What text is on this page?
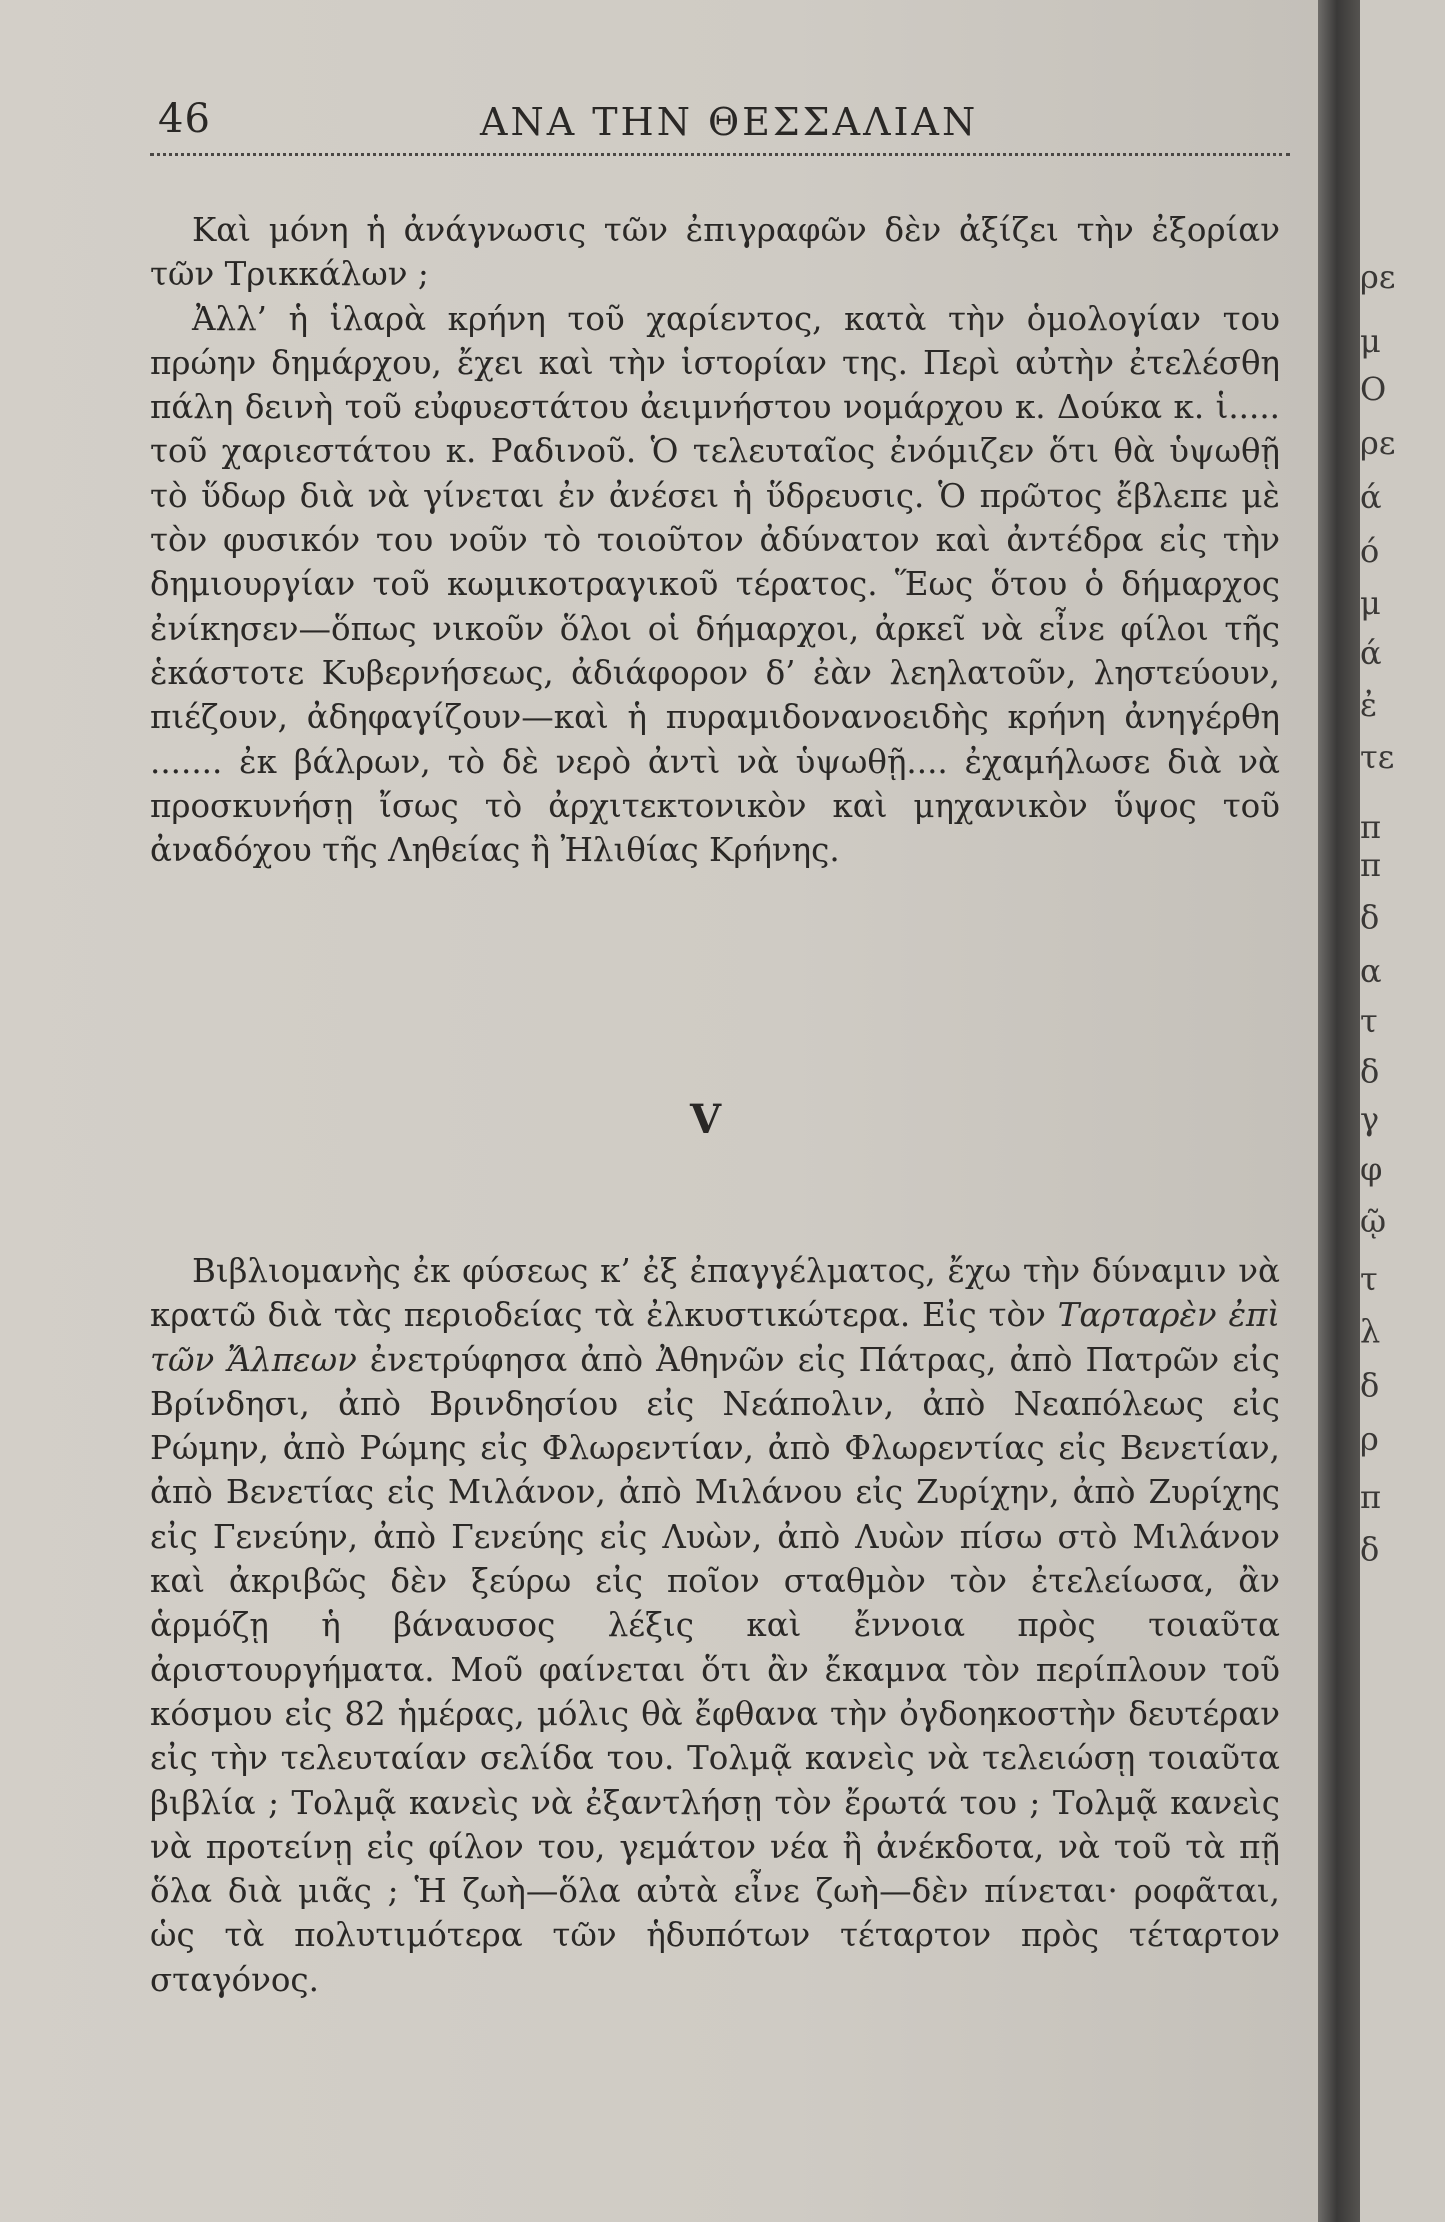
46	ΑΝΑ ΤΗΝ ΘΕΣΣΑΛΙΑΝ

Καὶ μόνη ἡ ἀνάγνωσις τῶν ἐπιγραφῶν δὲν ἀξίζει τὴν ἐξορίαν τῶν Τρικκάλων ;

Ἀλλ’ ἡ ἱλαρὰ κρήνη τοῦ χαρίεντος, κατὰ τὴν ὁμολογίαν του πρώην δημάρχου, ἔχει καὶ τὴν ἱστορίαν της. Περὶ αὐτὴν ἐτελέσθη πάλη δεινὴ τοῦ εὐφυεστάτου ἀειμνήστου νομάρχου κ. Δούκα κ. ἱ..... τοῦ χαριεστάτου κ. Ραδινοῦ. Ὁ τελευταῖος ἐνόμιζεν ὅτι θὰ ὑψωθῇ τὸ ὕδωρ διὰ νὰ γίνεται ἐν ἀνέσει ἡ ὕδρευσις. Ὁ πρῶτος ἔβλεπε μὲ τὸν φυσικόν του νοῦν τὸ τοιοῦτον ἀδύνατον καὶ ἀντέδρα εἰς τὴν δημιουργίαν τοῦ κωμικοτραγικοῦ τέρατος. Ἕως ὅτου ὁ δήμαρχος ἐνίκησεν—ὅπως νικοῦν ὅλοι οἱ δήμαρχοι, ἀρκεῖ νὰ εἶνε φίλοι τῆς ἑκάστοτε Κυβερνήσεως, ἀδιάφορον δ’ ἐὰν λεηλατοῦν, ληστεύουν, πιέζουν, ἀδηφαγίζουν—καὶ ἡ πυραμιδονανοειδὴς κρήνη ἀνηγέρθη ....... ἐκ βάλρων, τὸ δὲ νερὸ ἀντὶ νὰ ὑψωθῇ.... ἐχαμήλωσε διὰ νὰ προσκυνήσῃ ἴσως τὸ ἀρχιτεκτονικὸν καὶ μηχανικὸν ὕψος τοῦ ἀναδόχου τῆς Ληθείας ἢ Ἠλιθίας Κρήνης.

V

Βιβλιομανὴς ἐκ φύσεως κ’ ἐξ ἐπαγγέλματος, ἔχω τὴν δύναμιν νὰ κρατῶ διὰ τὰς περιοδείας τὰ ἐλκυστικώτερα. Εἰς τὸν Ταρταρὲν ἐπὶ τῶν Ἄλπεων ἐνετρύφησα ἀπὸ Ἀθηνῶν εἰς Πάτρας, ἀπὸ Πατρῶν εἰς Βρίνδησι, ἀπὸ Βρινδησίου εἰς Νεάπολιν, ἀπὸ Νεαπόλεως εἰς Ρώμην, ἀπὸ Ρώμης εἰς Φλωρεντίαν, ἀπὸ Φλωρεντίας εἰς Βενετίαν, ἀπὸ Βενετίας εἰς Μιλάνον, ἀπὸ Μιλάνου εἰς Ζυρίχην, ἀπὸ Ζυρίχης εἰς Γενεύην, ἀπὸ Γενεύης εἰς Λυὼν, ἀπὸ Λυὼν πίσω στὸ Μιλάνον καὶ ἀκριβῶς δὲν ξεύρω εἰς ποῖον σταθμὸν τὸν ἐτελείωσα, ἂν ἁρμόζῃ ἡ βάναυσος λέξις καὶ ἔννοια πρὸς τοιαῦτα ἀριστουργήματα. Μοῦ φαίνεται ὅτι ἂν ἔκαμνα τὸν περίπλουν τοῦ κόσμου εἰς 82 ἡμέρας, μόλις θὰ ἔφθανα τὴν ὀγδοηκοστὴν δευτέραν εἰς τὴν τελευταίαν σελίδα του. Τολμᾷ κανεὶς νὰ τελειώσῃ τοιαῦτα βιβλία ; Τολμᾷ κανεὶς νὰ ἐξαντλήσῃ τὸν ἔρωτά του ; Τολμᾷ κανεὶς νὰ προτείνῃ εἰς φίλον του, γεμάτον νέα ἢ ἀνέκδοτα, νὰ τοῦ τὰ πῇ ὅλα διὰ μιᾶς ; Ἡ ζωὴ—ὅλα αὐτὰ εἶνε ζωὴ—δὲν πίνεται· ροφᾶται, ὡς τὰ πολυτιμότερα τῶν ἡδυπότων τέταρτον πρὸς τέταρτον σταγόνος.

ρε
μ
Ο
ρε
ά
ό
μ
ά
ἐ
τε
π
π
δ
α
τ
δ
γ
φ
ῷ
τ
λ
δ
ρ
π
δ
